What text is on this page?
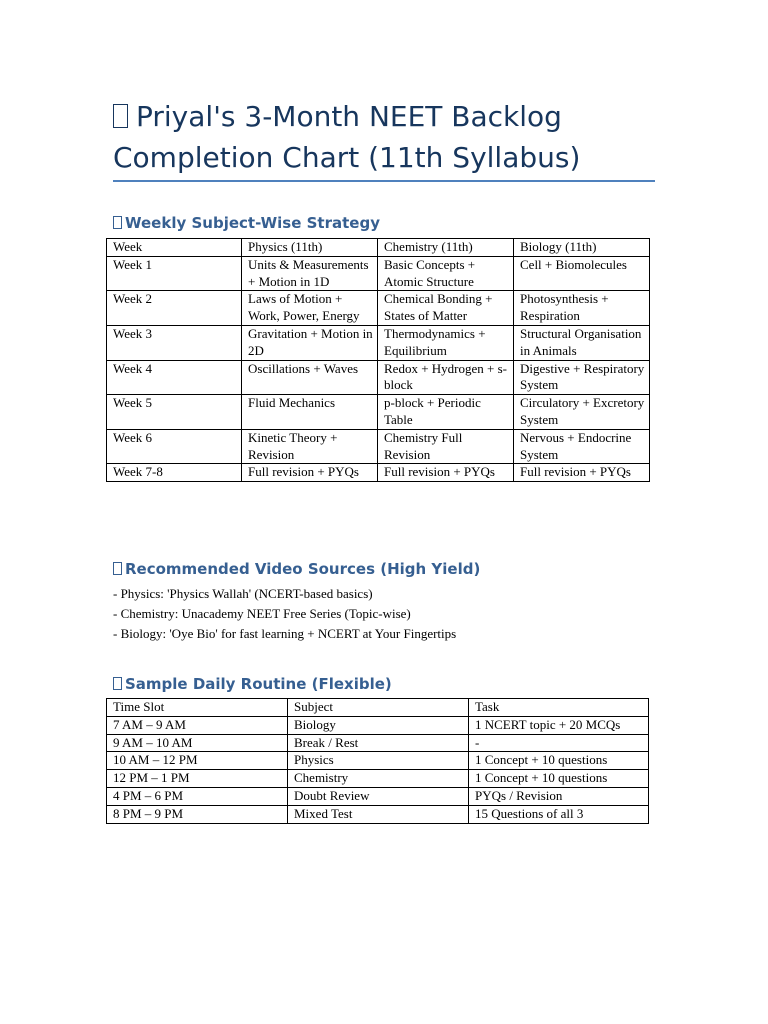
Priyal's 3-Month NEET Backlog Completion Chart (11th Syllabus)
Weekly Subject-Wise Strategy
Week	Physics (11th)	Chemistry (11th)	Biology (11th)
Week 1	Units & Measurements + Motion in 1D	Basic Concepts + Atomic Structure	Cell + Biomolecules
Week 2	Laws of Motion + Work, Power, Energy	Chemical Bonding + States of Matter	Photosynthesis + Respiration
Week 3	Gravitation + Motion in 2D	Thermodynamics + Equilibrium	Structural Organisation in Animals
Week 4	Oscillations + Waves	Redox + Hydrogen + s-block	Digestive + Respiratory System
Week 5	Fluid Mechanics	p-block + Periodic Table	Circulatory + Excretory System
Week 6	Kinetic Theory + Revision	Chemistry Full Revision	Nervous + Endocrine System
Week 7-8	Full revision + PYQs	Full revision + PYQs	Full revision + PYQs
Recommended Video Sources (High Yield)
- Physics: 'Physics Wallah' (NCERT-based basics)
- Chemistry: Unacademy NEET Free Series (Topic-wise)
- Biology: 'Oye Bio' for fast learning + NCERT at Your Fingertips
Sample Daily Routine (Flexible)
Time Slot	Subject	Task
7 AM – 9 AM	Biology	1 NCERT topic + 20 MCQs
9 AM – 10 AM	Break / Rest	-
10 AM – 12 PM	Physics	1 Concept + 10 questions
12 PM – 1 PM	Chemistry	1 Concept + 10 questions
4 PM – 6 PM	Doubt Review	PYQs / Revision
8 PM – 9 PM	Mixed Test	15 Questions of all 3
